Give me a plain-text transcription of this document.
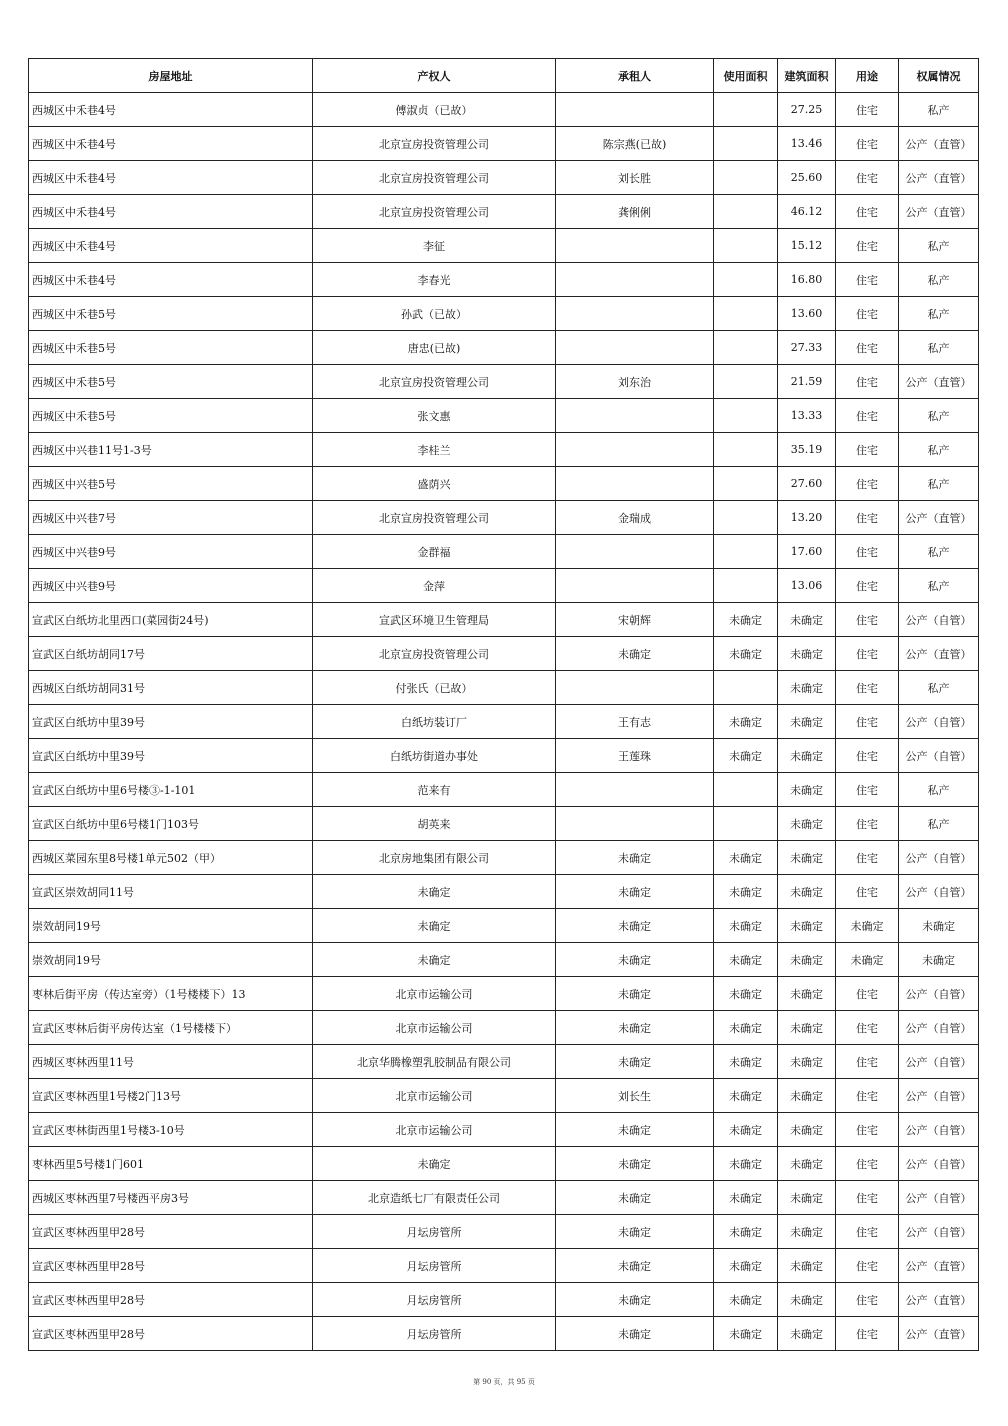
房屋地址	产权人	承租人	使用面积	建筑面积	用途	权属情况
西城区中禾巷4号	傅淑贞（已故）			27.25	住宅	私产
西城区中禾巷4号	北京宣房投资管理公司	陈宗燕(已故)		13.46	住宅	公产（直管）
西城区中禾巷4号	北京宣房投资管理公司	刘长胜		25.60	住宅	公产（直管）
西城区中禾巷4号	北京宣房投资管理公司	龚俐俐		46.12	住宅	公产（直管）
西城区中禾巷4号	李征			15.12	住宅	私产
西城区中禾巷4号	李春光			16.80	住宅	私产
西城区中禾巷5号	孙武（已故）			13.60	住宅	私产
西城区中禾巷5号	唐忠(已故)			27.33	住宅	私产
西城区中禾巷5号	北京宣房投资管理公司	刘东治		21.59	住宅	公产（直管）
西城区中禾巷5号	张文惠			13.33	住宅	私产
西城区中兴巷11号1-3号	李桂兰			35.19	住宅	私产
西城区中兴巷5号	盛荫兴			27.60	住宅	私产
西城区中兴巷7号	北京宣房投资管理公司	金瑞成		13.20	住宅	公产（直管）
西城区中兴巷9号	金群福			17.60	住宅	私产
西城区中兴巷9号	金萍			13.06	住宅	私产
宣武区白纸坊北里西口(菜园街24号)	宣武区环境卫生管理局	宋朝辉	未确定	未确定	住宅	公产（自管）
宣武区白纸坊胡同17号	北京宣房投资管理公司	未确定	未确定	未确定	住宅	公产（直管）
西城区白纸坊胡同31号	付张氏（已故）			未确定	住宅	私产
宣武区白纸坊中里39号	白纸坊装订厂	王有志	未确定	未确定	住宅	公产（自管）
宣武区白纸坊中里39号	白纸坊街道办事处	王莲珠	未确定	未确定	住宅	公产（自管）
宣武区白纸坊中里6号楼③-1-101	范来有			未确定	住宅	私产
宣武区白纸坊中里6号楼1门103号	胡英来			未确定	住宅	私产
西城区菜园东里8号楼1单元502（甲）	北京房地集团有限公司	未确定	未确定	未确定	住宅	公产（自管）
宣武区崇效胡同11号	未确定	未确定	未确定	未确定	住宅	公产（自管）
崇效胡同19号	未确定	未确定	未确定	未确定	未确定	未确定
崇效胡同19号	未确定	未确定	未确定	未确定	未确定	未确定
枣林后街平房（传达室旁）（1号楼楼下）13	北京市运输公司	未确定	未确定	未确定	住宅	公产（自管）
宣武区枣林后街平房传达室（1号楼楼下）	北京市运输公司	未确定	未确定	未确定	住宅	公产（自管）
西城区枣林西里11号	北京华腾橡塑乳胶制品有限公司	未确定	未确定	未确定	住宅	公产（自管）
宣武区枣林西里1号楼2门13号	北京市运输公司	刘长生	未确定	未确定	住宅	公产（自管）
宣武区枣林街西里1号楼3-10号	北京市运输公司	未确定	未确定	未确定	住宅	公产（自管）
枣林西里5号楼1门601	未确定	未确定	未确定	未确定	住宅	公产（自管）
西城区枣林西里7号楼西平房3号	北京造纸七厂有限责任公司	未确定	未确定	未确定	住宅	公产（自管）
宣武区枣林西里甲28号	月坛房管所	未确定	未确定	未确定	住宅	公产（自管）
宣武区枣林西里甲28号	月坛房管所	未确定	未确定	未确定	住宅	公产（直管）
宣武区枣林西里甲28号	月坛房管所	未确定	未确定	未确定	住宅	公产（直管）
宣武区枣林西里甲28号	月坛房管所	未确定	未确定	未确定	住宅	公产（直管）
第 90 页，共 95 页
